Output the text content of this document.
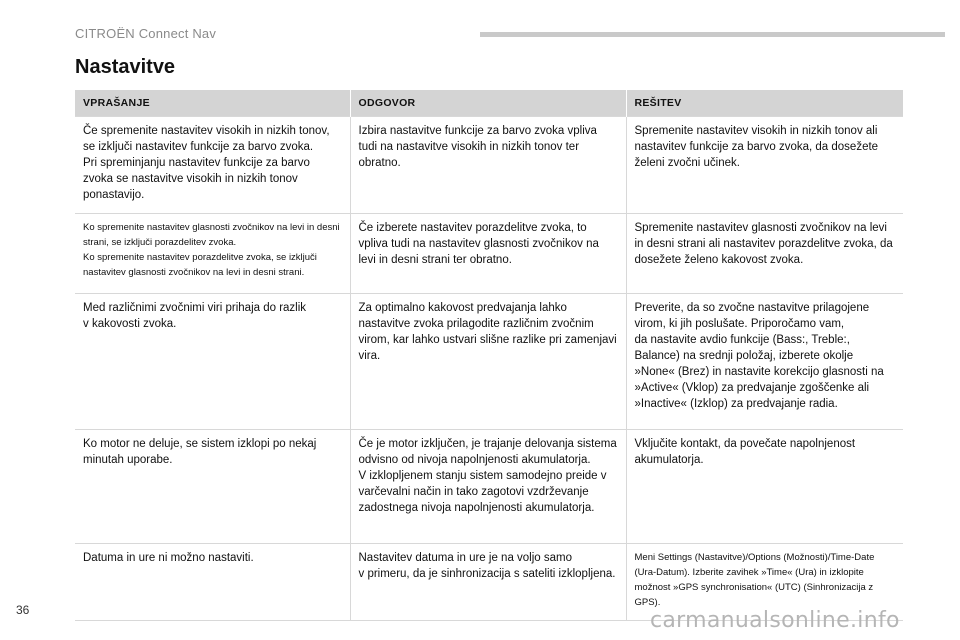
CITROËN Connect Nav
Nastavitve
VPRAŠANJE	ODGOVOR	REŠITEV
Če spremenite nastavitev visokih in nizkih tonov,
se izključi nastavitev funkcije za barvo zvoka.
Pri spreminjanju nastavitev funkcije za barvo zvoka se nastavitve visokih in nizkih tonov ponastavijo.	Izbira nastavitve funkcije za barvo zvoka vpliva tudi na nastavitve visokih in nizkih tonov ter obratno.	Spremenite nastavitev visokih in nizkih tonov ali nastavitev funkcije za barvo zvoka, da dosežete želeni zvočni učinek.
Ko spremenite nastavitev glasnosti zvočnikov na levi in desni strani, se izključi porazdelitev zvoka.
Ko spremenite nastavitev porazdelitve zvoka, se izključi nastavitev glasnosti zvočnikov na levi in desni strani.	Če izberete nastavitev porazdelitve zvoka, to vpliva tudi na nastavitev glasnosti zvočnikov na levi in desni strani ter obratno.	Spremenite nastavitev glasnosti zvočnikov na levi in desni strani ali nastavitev porazdelitve zvoka, da dosežete želeno kakovost zvoka.
Med različnimi zvočnimi viri prihaja do razlik
v kakovosti zvoka.	Za optimalno kakovost predvajanja lahko nastavitve zvoka prilagodite različnim zvočnim virom, kar lahko ustvari slišne razlike pri zamenjavi vira.	Preverite, da so zvočne nastavitve prilagojene virom, ki jih poslušate. Priporočamo vam,
da nastavite avdio funkcije (Bass:, Treble:, Balance) na srednji položaj, izberete okolje »None« (Brez) in nastavite korekcijo glasnosti na »Active« (Vklop) za predvajanje zgoščenke ali »Inactive« (Izklop) za predvajanje radia.
Ko motor ne deluje, se sistem izklopi po nekaj minutah uporabe.	Če je motor izključen, je trajanje delovanja sistema odvisno od nivoja napolnjenosti akumulatorja.
V izklopljenem stanju sistem samodejno preide v varčevalni način in tako zagotovi vzdrževanje zadostnega nivoja napolnjenosti akumulatorja.	Vključite kontakt, da povečate napolnjenost akumulatorja.
Datuma in ure ni možno nastaviti.	Nastavitev datuma in ure je na voljo samo
v primeru, da je sinhronizacija s sateliti izklopljena.	Meni Settings (Nastavitve)/Options (Možnosti)/Time-Date (Ura-Datum). Izberite zavihek »Time« (Ura) in izklopite možnost »GPS synchronisation« (UTC) (Sinhronizacija z GPS).
36	carmanualsonline.info
